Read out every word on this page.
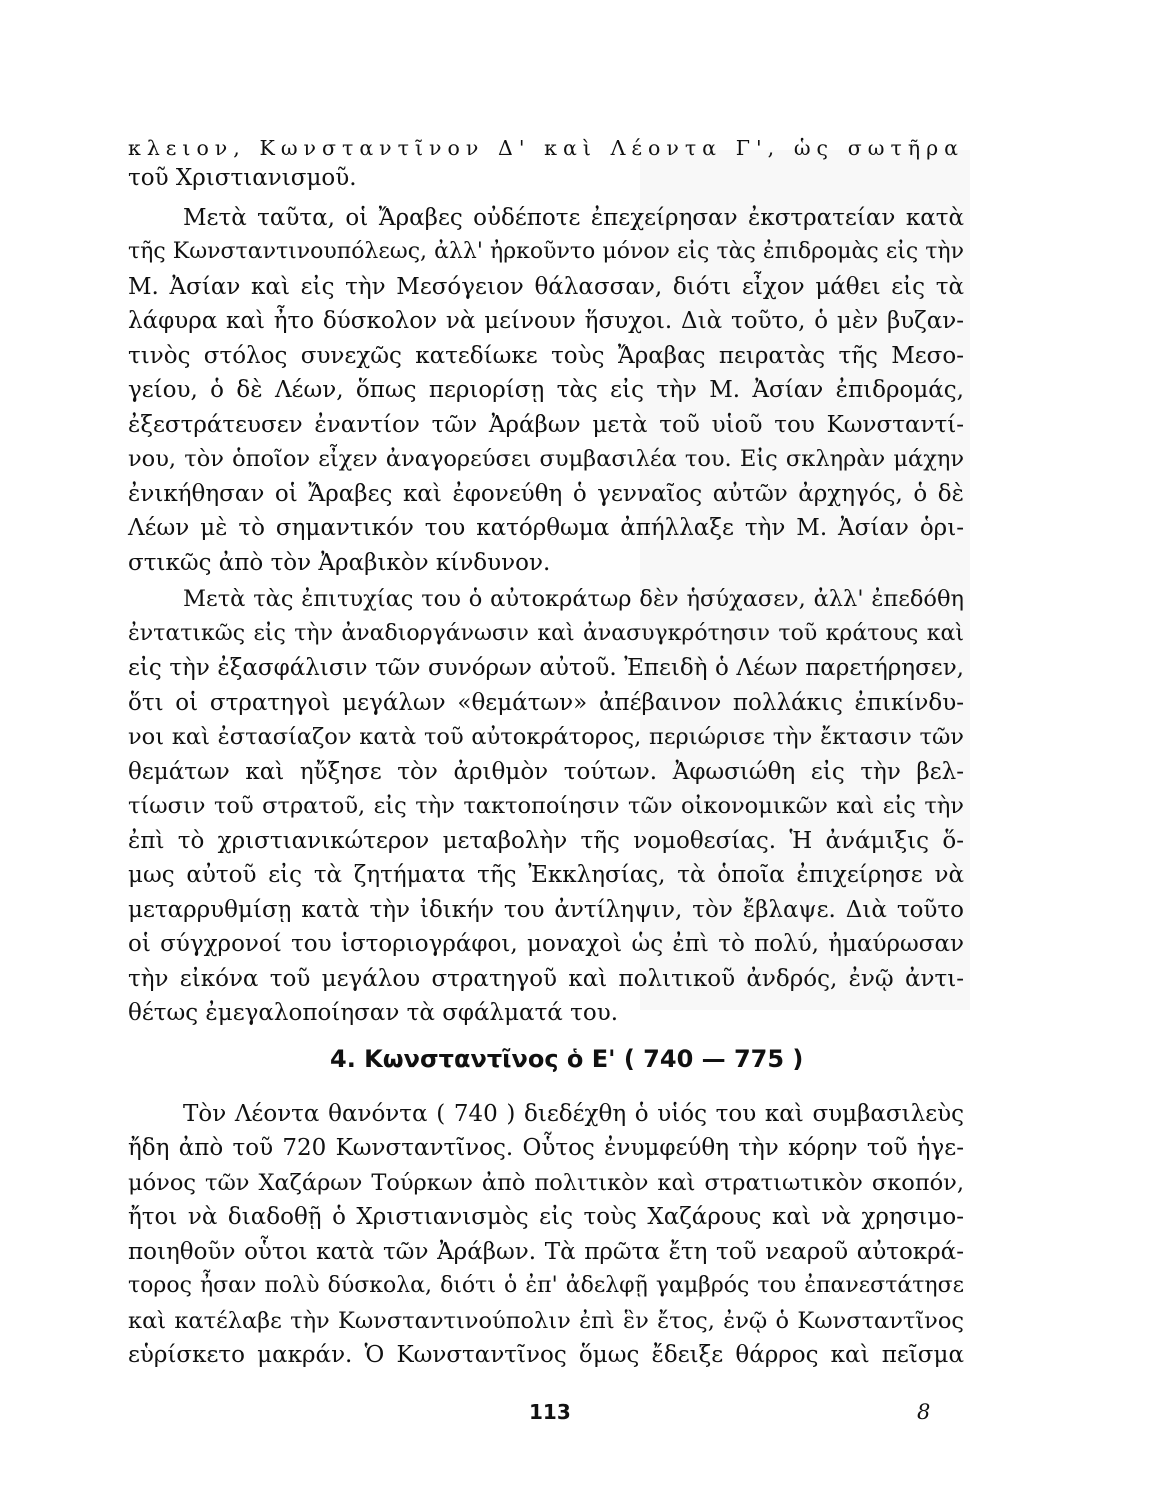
κλειον, Κωνσταντῖνον Δ' καὶ Λέοντα Γ', ὡς σωτῆρα
τοῦ Χριστιανισμοῦ.
Μετὰ ταῦτα, οἱ Ἄραβες οὐδέποτε ἐπεχείρησαν ἐκστρατείαν κατὰ
τῆς Κωνσταντινουπόλεως, ἀλλ' ἠρκοῦντο μόνον εἰς τὰς ἐπιδρομὰς εἰς τὴν
Μ. Ἀσίαν καὶ εἰς τὴν Μεσόγειον θάλασσαν, διότι εἶχον μάθει εἰς τὰ
λάφυρα καὶ ἦτο δύσκολον νὰ μείνουν ἥσυχοι. Διὰ τοῦτο, ὁ μὲν βυζαν-
τινὸς στόλος συνεχῶς κατεδίωκε τοὺς Ἄραβας πειρατὰς τῆς Μεσο-
γείου, ὁ δὲ Λέων, ὅπως περιορίσῃ τὰς εἰς τὴν Μ. Ἀσίαν ἐπιδρομάς,
ἐξεστράτευσεν ἐναντίον τῶν Ἀράβων μετὰ τοῦ υἱοῦ του Κωνσταντί-
νου, τὸν ὁποῖον εἶχεν ἀναγορεύσει συμβασιλέα του. Εἰς σκληρὰν μάχην
ἐνικήθησαν οἱ Ἄραβες καὶ ἐφονεύθη ὁ γενναῖος αὐτῶν ἀρχηγός, ὁ δὲ
Λέων μὲ τὸ σημαντικόν του κατόρθωμα ἀπήλλαξε τὴν Μ. Ἀσίαν ὁρι-
στικῶς ἀπὸ τὸν Ἀραβικὸν κίνδυνον.
Μετὰ τὰς ἐπιτυχίας του ὁ αὐτοκράτωρ δὲν ἡσύχασεν, ἀλλ' ἐπεδόθη
ἐντατικῶς εἰς τὴν ἀναδιοργάνωσιν καὶ ἀνασυγκρότησιν τοῦ κράτους καὶ
εἰς τὴν ἐξασφάλισιν τῶν συνόρων αὐτοῦ. Ἐπειδὴ ὁ Λέων παρετήρησεν,
ὅτι οἱ στρατηγοὶ μεγάλων «θεμάτων» ἀπέβαινον πολλάκις ἐπικίνδυ-
νοι καὶ ἐστασίαζον κατὰ τοῦ αὐτοκράτορος, περιώρισε τὴν ἔκτασιν τῶν
θεμάτων καὶ ηὔξησε τὸν ἀριθμὸν τούτων. Ἀφωσιώθη εἰς τὴν βελ-
τίωσιν τοῦ στρατοῦ, εἰς τὴν τακτοποίησιν τῶν οἰκονομικῶν καὶ εἰς τὴν
ἐπὶ τὸ χριστιανικώτερον μεταβολὴν τῆς νομοθεσίας. Ἡ ἀνάμιξις ὅ-
μως αὐτοῦ εἰς τὰ ζητήματα τῆς Ἐκκλησίας, τὰ ὁποῖα ἐπιχείρησε νὰ
μεταρρυθμίσῃ κατὰ τὴν ἰδικήν του ἀντίληψιν, τὸν ἔβλαψε. Διὰ τοῦτο
οἱ σύγχρονοί του ἱστοριογράφοι, μοναχοὶ ὡς ἐπὶ τὸ πολύ, ἠμαύρωσαν
τὴν εἰκόνα τοῦ μεγάλου στρατηγοῦ καὶ πολιτικοῦ ἀνδρός, ἐνῷ ἀντι-
θέτως ἐμεγαλοποίησαν τὰ σφάλματά του.
4. Κωνσταντῖνος ὁ Ε' ( 740 — 775 )
Τὸν Λέοντα θανόντα ( 740 ) διεδέχθη ὁ υἱός του καὶ συμβασιλεὺς
ἤδη ἀπὸ τοῦ 720 Κωνσταντῖνος. Οὗτος ἐνυμφεύθη τὴν κόρην τοῦ ἡγε-
μόνος τῶν Χαζάρων Τούρκων ἀπὸ πολιτικὸν καὶ στρατιωτικὸν σκοπόν,
ἤτοι νὰ διαδοθῇ ὁ Χριστιανισμὸς εἰς τοὺς Χαζάρους καὶ νὰ χρησιμο-
ποιηθοῦν οὗτοι κατὰ τῶν Ἀράβων. Τὰ πρῶτα ἔτη τοῦ νεαροῦ αὐτοκρά-
τορος ἦσαν πολὺ δύσκολα, διότι ὁ ἐπ' ἀδελφῇ γαμβρός του ἐπανεστάτησε
καὶ κατέλαβε τὴν Κωνσταντινούπολιν ἐπὶ ἓν ἔτος, ἐνῷ ὁ Κωνσταντῖνος
εὑρίσκετο μακράν. Ὁ Κωνσταντῖνος ὅμως ἔδειξε θάρρος καὶ πεῖσμα
113	8
